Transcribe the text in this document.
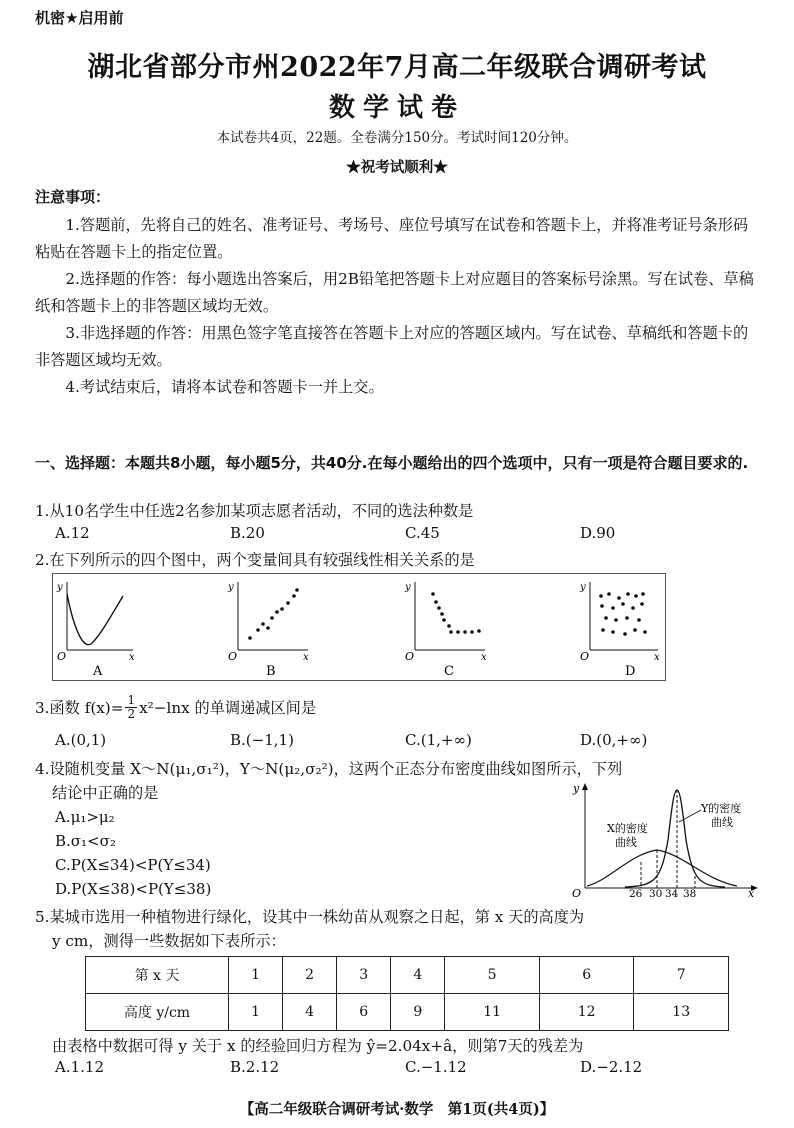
机密★启用前
湖北省部分市州2022年7月高二年级联合调研考试
数学试卷
本试卷共4页，22题。全卷满分150分。考试时间120分钟。
★祝考试顺利★
注意事项：

1.答题前，先将自己的姓名、准考证号、考场号、座位号填写在试卷和答题卡上，并将准考证号条形码粘贴在答题卡上的指定位置。

2.选择题的作答：每小题选出答案后，用2B铅笔把答题卡上对应题目的答案标号涂黑。写在试卷、草稿纸和答题卡上的非答题区域均无效。

3.非选择题的作答：用黑色签字笔直接答在答题卡上对应的答题区域内。写在试卷、草稿纸和答题卡的非答题区域均无效。

4.考试结束后，请将本试卷和答题卡一并上交。

一、选择题：本题共8小题，每小题5分，共40分.在每小题给出的四个选项中，只有一项是符合题目要求的.
1.从10名学生中任选2名参加某项志愿者活动，不同的选法种数是
A.12	B.20	C.45	D.90
2.在下列所示的四个图中，两个变量间具有较强线性相关关系的是
y
x
O
A
y
x
O
B
y
x
O
C
y
x
O
D
3.函数 $f(x)= \frac{1}{2} x^2-\ln x$ 的单调递减区间是
A.(0,1)	B.(−1,1)	C.(1,+∞)	D.(0,+∞)
4.设随机变量 X～N(μ₁,σ₁²)，Y～N(μ₂,σ₂²)，这两个正态分布密度曲线如图所示，下列
结论中正确的是
A.μ₁>μ₂
B.σ₁<σ₂
C.P(X≤34)<P(Y≤34)
D.P(X≤38)<P(Y≤38)
y
x
O
X的密度
曲线
Y的密度
曲线
26 30 34 38
5.某城市选用一种植物进行绿化，设其中一株幼苗从观察之日起，第 x 天的高度为
y cm，测得一些数据如下表所示：
第 x 天	1	2	3	4	5	6	7
高度 y/cm	1	4	6	9	11	12	13
由表格中数据可得 y 关于 x 的经验回归方程为 ŷ=2.04x+â，则第7天的残差为
A.1.12	B.2.12	C.−1.12	D.−2.12
【高二年级联合调研考试·数学　第1页(共4页)】
